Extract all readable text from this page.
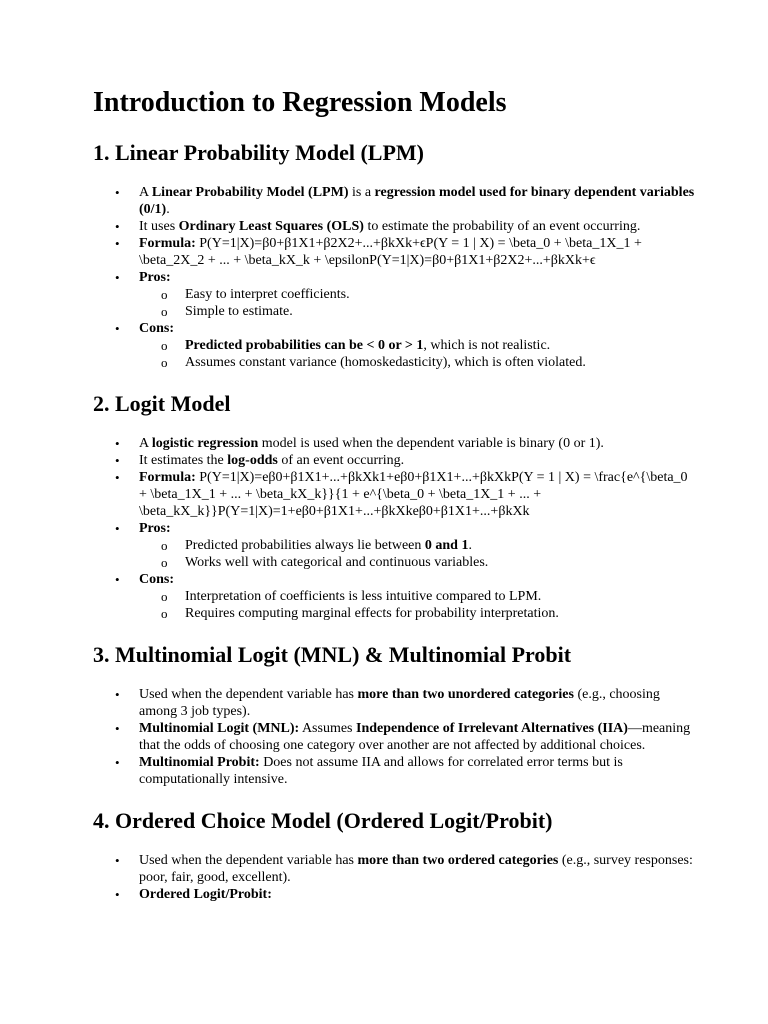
Introduction to Regression Models
1. Linear Probability Model (LPM)
• A Linear Probability Model (LPM) is a regression model used for binary dependent variables (0/1).
• It uses Ordinary Least Squares (OLS) to estimate the probability of an event occurring.
• Formula: P(Y=1|X)=β0+β1X1+β2X2+...+βkXk+ϵP(Y = 1 | X) = \beta_0 + \beta_1X_1 + \beta_2X_2 + ... + \beta_kX_k + \epsilonP(Y=1|X)=β0+β1X1+β2X2+...+βkXk+ϵ
• Pros:
o Easy to interpret coefficients.
o Simple to estimate.
• Cons:
o Predicted probabilities can be < 0 or > 1, which is not realistic.
o Assumes constant variance (homoskedasticity), which is often violated.
2. Logit Model
• A logistic regression model is used when the dependent variable is binary (0 or 1).
• It estimates the log-odds of an event occurring.
• Formula: P(Y=1|X)=eβ0+β1X1+...+βkXk1+eβ0+β1X1+...+βkXkP(Y = 1 | X) = \frac{e^{\beta_0 + \beta_1X_1 + ... + \beta_kX_k}}{1 + e^{\beta_0 + \beta_1X_1 + ... + \beta_kX_k}}P(Y=1|X)=1+eβ0+β1X1+...+βkXkeβ0+β1X1+...+βkXk
• Pros:
o Predicted probabilities always lie between 0 and 1.
o Works well with categorical and continuous variables.
• Cons:
o Interpretation of coefficients is less intuitive compared to LPM.
o Requires computing marginal effects for probability interpretation.
3. Multinomial Logit (MNL) & Multinomial Probit
• Used when the dependent variable has more than two unordered categories (e.g., choosing among 3 job types).
• Multinomial Logit (MNL): Assumes Independence of Irrelevant Alternatives (IIA)—meaning that the odds of choosing one category over another are not affected by additional choices.
• Multinomial Probit: Does not assume IIA and allows for correlated error terms but is computationally intensive.
4. Ordered Choice Model (Ordered Logit/Probit)
• Used when the dependent variable has more than two ordered categories (e.g., survey responses: poor, fair, good, excellent).
• Ordered Logit/Probit:
